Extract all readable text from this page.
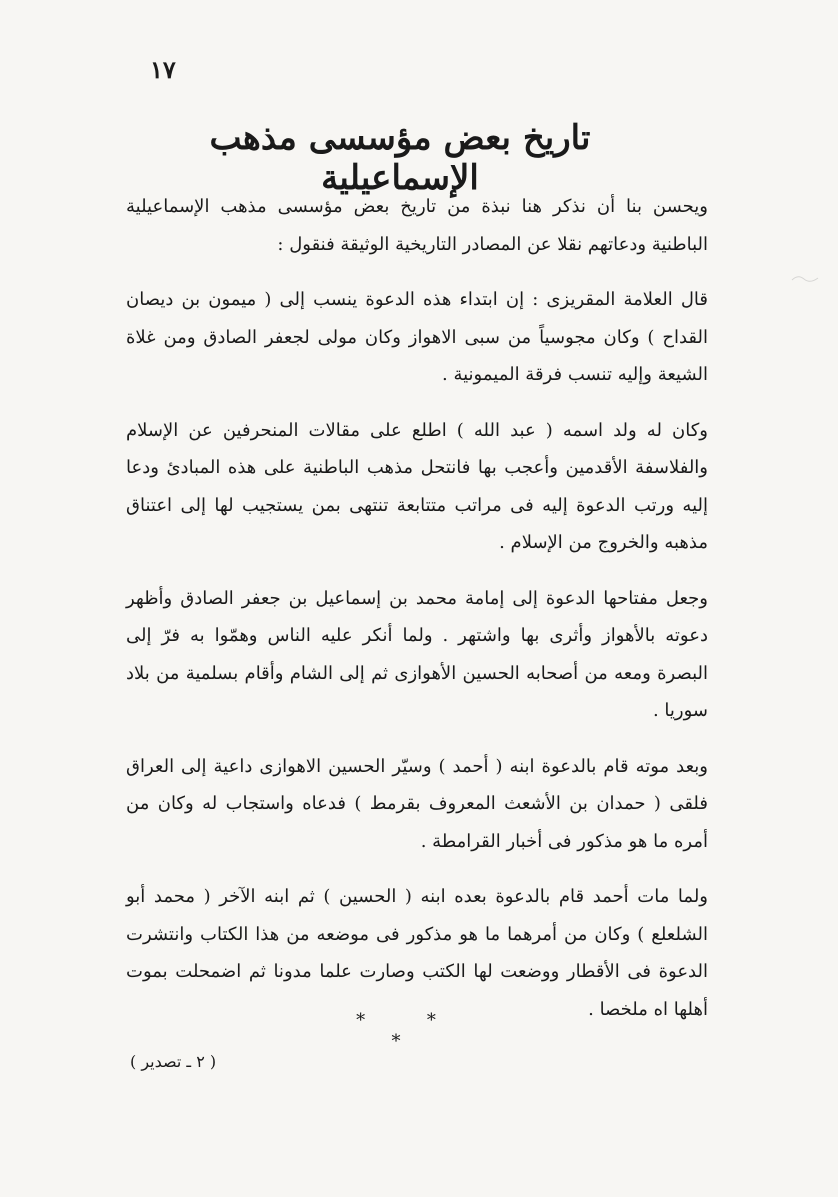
١٧
تاريخ بعض مؤسسى مذهب الإسماعيلية

ويحسن بنا أن نذكر هنا نبذة من تاريخ بعض مؤسسى مذهب الإسماعيلية الباطنية ودعاتهم نقلا عن المصادر التاريخية الوثيقة فنقول :

قال العلامة المقريزى : إن ابتداء هذه الدعوة ينسب إلى ( ميمون بن ديصان القداح ) وكان مجوسياً من سبى الاهواز وكان مولى لجعفر الصادق ومن غلاة الشيعة وإليه تنسب فرقة الميمونية .

وكان له ولد اسمه ( عبد الله ) اطلع على مقالات المنحرفين عن الإسلام والفلاسفة الأقدمين وأعجب بها فانتحل مذهب الباطنية على هذه المبادئ ودعا إليه ورتب الدعوة إليه فى مراتب متتابعة تنتهى بمن يستجيب لها إلى اعتناق مذهبه والخروج من الإسلام .

وجعل مفتاحها الدعوة إلى إمامة محمد بن إسماعيل بن جعفر الصادق وأظهر دعوته بالأهواز وأثرى بها واشتهر . ولما أنكر عليه الناس وهمّوا به فرّ إلى البصرة ومعه من أصحابه الحسين الأهوازى ثم إلى الشام وأقام بسلمية من بلاد سوريا .

وبعد موته قام بالدعوة ابنه ( أحمد ) وسيّر الحسين الاهوازى داعية إلى العراق فلقى ( حمدان بن الأشعث المعروف بقرمط ) فدعاه واستجاب له وكان من أمره ما هو مذكور فى أخبار القرامطة .

ولما مات أحمد قام بالدعوة بعده ابنه ( الحسين ) ثم ابنه الآخر ( محمد أبو الشلعلع ) وكان من أمرهما ما هو مذكور فى موضعه من هذا الكتاب وانتشرت الدعوة فى الأقطار ووضعت لها الكتب وصارت علما مدونا ثم اضمحلت بموت أهلها اه ملخصا .

* * *
( ٢ ـ تصدير )
